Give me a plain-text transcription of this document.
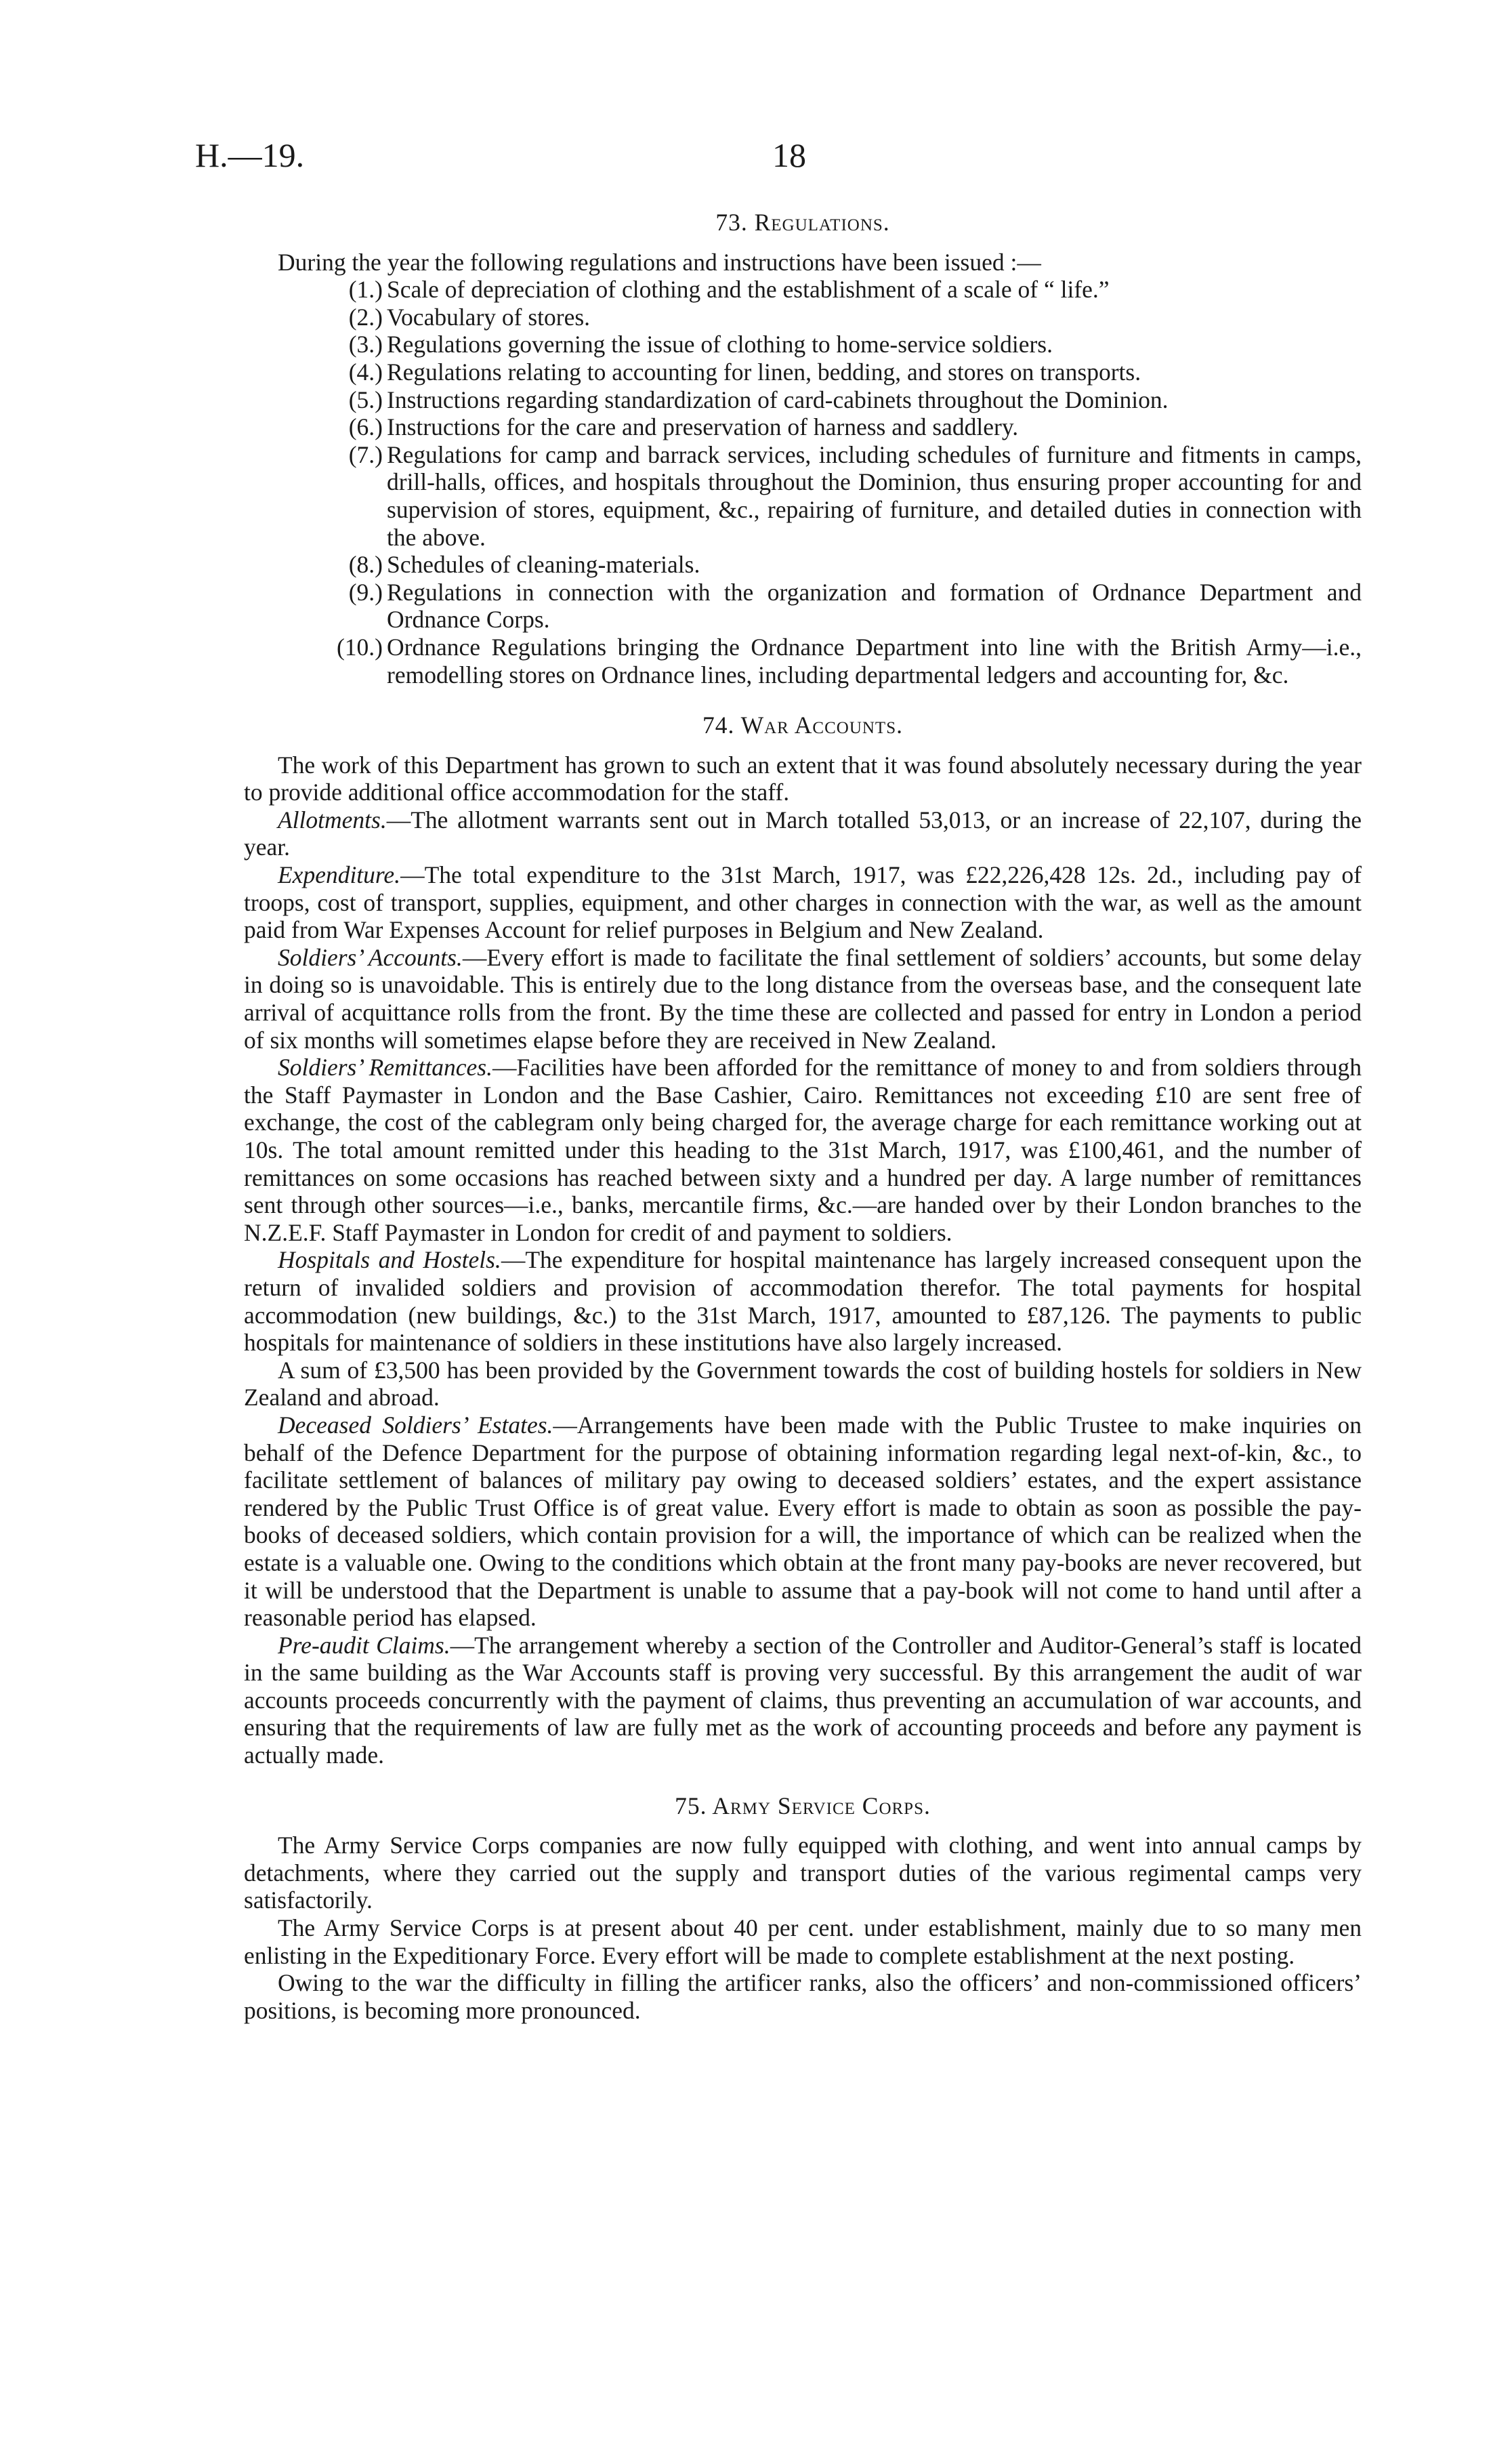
H.—19.	18

73. Regulations.

During the year the following regulations and instructions have been issued :—

(1.) Scale of depreciation of clothing and the establishment of a scale of “ life.”
(2.) Vocabulary of stores.
(3.) Regulations governing the issue of clothing to home-service soldiers.
(4.) Regulations relating to accounting for linen, bedding, and stores on transports.
(5.) Instructions regarding standardization of card-cabinets throughout the Dominion.
(6.) Instructions for the care and preservation of harness and saddlery.
(7.) Regulations for camp and barrack services, including schedules of furniture and fitments in camps, drill-halls, offices, and hospitals throughout the Dominion, thus ensuring proper accounting for and supervision of stores, equipment, &c., repairing of furniture, and detailed duties in connection with the above.
(8.) Schedules of cleaning-materials.
(9.) Regulations in connection with the organization and formation of Ordnance Department and Ordnance Corps.
(10.) Ordnance Regulations bringing the Ordnance Department into line with the British Army—i.e., remodelling stores on Ordnance lines, including departmental ledgers and accounting for, &c.

74. War Accounts.

The work of this Department has grown to such an extent that it was found absolutely necessary during the year to provide additional office accommodation for the staff.

Allotments.—The allotment warrants sent out in March totalled 53,013, or an increase of 22,107, during the year.

Expenditure.—The total expenditure to the 31st March, 1917, was £22,226,428 12s. 2d., including pay of troops, cost of transport, supplies, equipment, and other charges in connection with the war, as well as the amount paid from War Expenses Account for relief purposes in Belgium and New Zealand.

Soldiers’ Accounts.—Every effort is made to facilitate the final settlement of soldiers’ accounts, but some delay in doing so is unavoidable. This is entirely due to the long distance from the overseas base, and the consequent late arrival of acquittance rolls from the front. By the time these are collected and passed for entry in London a period of six months will sometimes elapse before they are received in New Zealand.

Soldiers’ Remittances.—Facilities have been afforded for the remittance of money to and from soldiers through the Staff Paymaster in London and the Base Cashier, Cairo. Remittances not exceeding £10 are sent free of exchange, the cost of the cablegram only being charged for, the average charge for each remittance working out at 10s. The total amount remitted under this heading to the 31st March, 1917, was £100,461, and the number of remittances on some occasions has reached between sixty and a hundred per day. A large number of remittances sent through other sources—i.e., banks, mercantile firms, &c.—are handed over by their London branches to the N.Z.E.F. Staff Paymaster in London for credit of and payment to soldiers.

Hospitals and Hostels.—The expenditure for hospital maintenance has largely increased consequent upon the return of invalided soldiers and provision of accommodation therefor. The total payments for hospital accommodation (new buildings, &c.) to the 31st March, 1917, amounted to £87,126. The payments to public hospitals for maintenance of soldiers in these institutions have also largely increased.

A sum of £3,500 has been provided by the Government towards the cost of building hostels for soldiers in New Zealand and abroad.

Deceased Soldiers’ Estates.—Arrangements have been made with the Public Trustee to make inquiries on behalf of the Defence Department for the purpose of obtaining information regarding legal next-of-kin, &c., to facilitate settlement of balances of military pay owing to deceased soldiers’ estates, and the expert assistance rendered by the Public Trust Office is of great value. Every effort is made to obtain as soon as possible the pay-books of deceased soldiers, which contain provision for a will, the importance of which can be realized when the estate is a valuable one. Owing to the conditions which obtain at the front many pay-books are never recovered, but it will be understood that the Department is unable to assume that a pay-book will not come to hand until after a reasonable period has elapsed.

Pre-audit Claims.—The arrangement whereby a section of the Controller and Auditor-General’s staff is located in the same building as the War Accounts staff is proving very successful. By this arrangement the audit of war accounts proceeds concurrently with the payment of claims, thus preventing an accumulation of war accounts, and ensuring that the requirements of law are fully met as the work of accounting proceeds and before any payment is actually made.

75. Army Service Corps.

The Army Service Corps companies are now fully equipped with clothing, and went into annual camps by detachments, where they carried out the supply and transport duties of the various regimental camps very satisfactorily.

The Army Service Corps is at present about 40 per cent. under establishment, mainly due to so many men enlisting in the Expeditionary Force. Every effort will be made to complete establishment at the next posting.

Owing to the war the difficulty in filling the artificer ranks, also the officers’ and non-commissioned officers’ positions, is becoming more pronounced.
